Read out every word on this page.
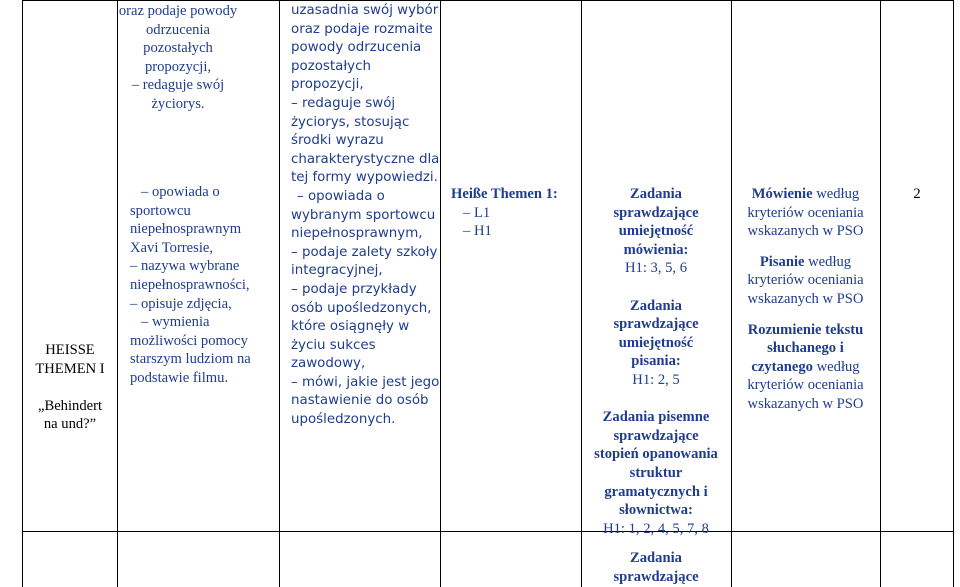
HEISSE
THEMEN I

„Behindert
na und?”
oraz podaje powody
odrzucenia
pozostałych
propozycji,
– redaguje swój
życiorys.
– opowiada o
sportowcu
niepełnosprawnym
Xavi Torresie,
– nazywa wybrane
niepełnosprawności,
– opisuje zdjęcia,
– wymienia
możliwości pomocy
starszym ludziom na
podstawie filmu.
uzasadnia swój wybór
oraz podaje rozmaite
powody odrzucenia
pozostałych
propozycji,
– redaguje swój
życiorys, stosując
środki wyrazu
charakterystyczne dla
tej formy wypowiedzi.
– opowiada o
wybranym sportowcu
niepełnosprawnym,
– podaje zalety szkoły
integracyjnej,
– podaje przykłady
osób upośledzonych,
które osiągnęły w
życiu sukces
zawodowy,
– mówi, jakie jest jego
nastawienie do osób
upośledzonych.
Heiße Themen 1:
– L1
– H1
Zadania
sprawdzające
umiejętność
mówienia:
H1: 3, 5, 6

Zadania
sprawdzające
umiejętność
pisania:
H1: 2, 5

Zadania pisemne
sprawdzające
stopień opanowania
struktur
gramatycznych i
słownictwa:
H1: 1, 2, 4, 5, 7, 8
Zadania
sprawdzające
Mówienie według
kryteriów oceniania
wskazanych w PSO
Pisanie według
kryteriów oceniania
wskazanych w PSO
Rozumienie tekstu
słuchanego i
czytanego według
kryteriów oceniania
wskazanych w PSO
2
